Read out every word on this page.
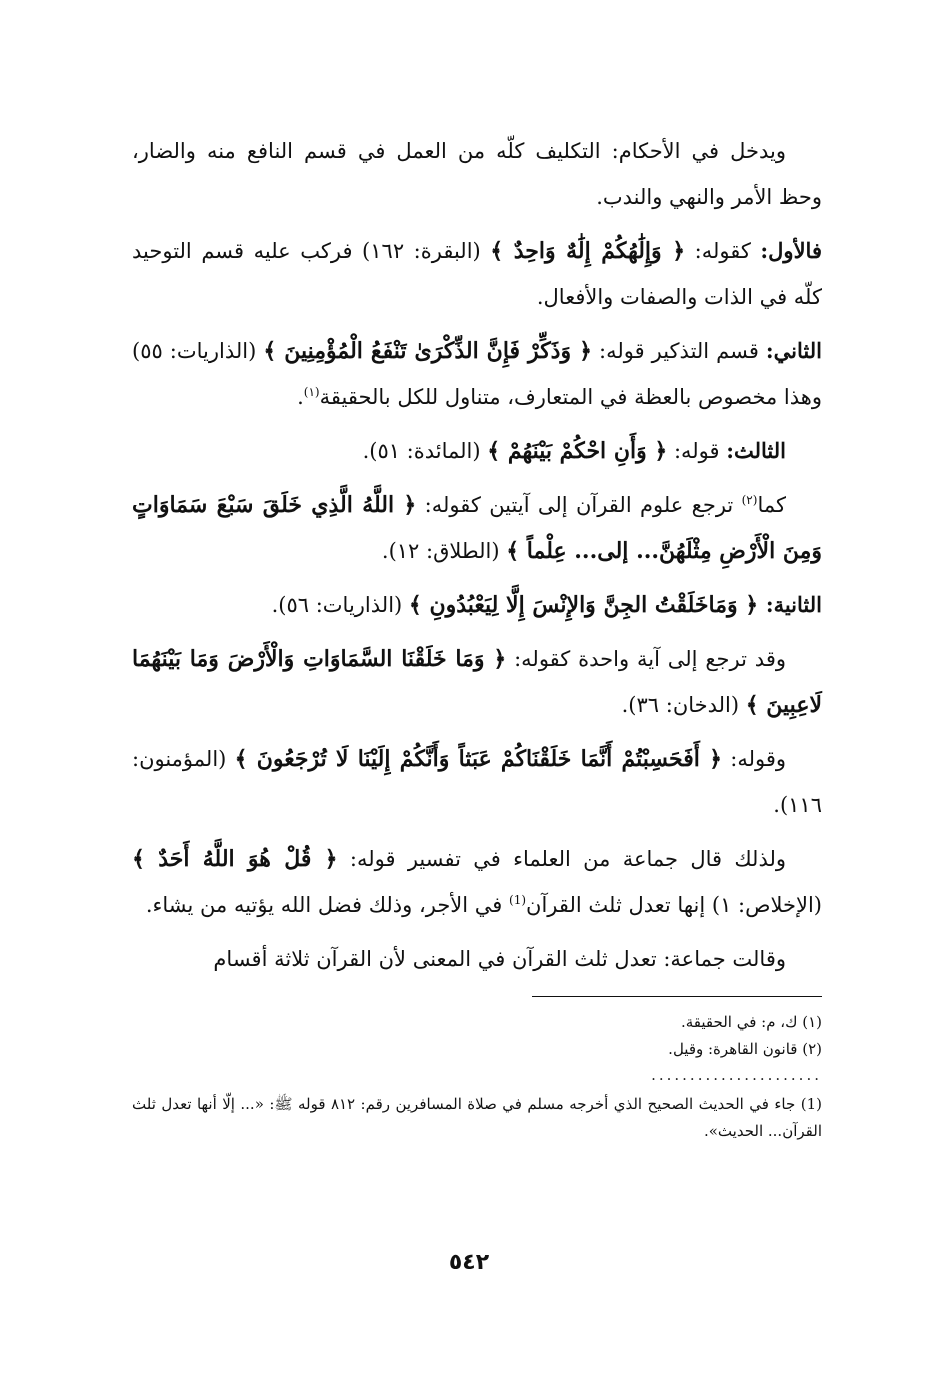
ويدخل في الأحكام: التكليف كلّه من العمل في قسم النافع منه والضار، وحظ الأمر والنهي والندب.

فالأول: كقوله: ﴿ وَإِلَٰهُكُمْ إِلَٰهٌ وَاحِدٌ ﴾ (البقرة: ١٦٢) فركب عليه قسم التوحيد كلّه في الذات والصفات والأفعال.

الثاني: قسم التذكير قوله: ﴿ وَذَكِّرْ فَإِنَّ الذِّكْرَىٰ تَنْفَعُ الْمُؤْمِنِينَ ﴾ (الذاريات: ٥٥) وهذا مخصوص بالعظة في المتعارف، متناول للكل بالحقيقة$^{(١)}$.

الثالث: قوله: ﴿ وَأَنِ احْكُمْ بَيْنَهُمْ ﴾ (المائدة: ٥١).

كما$^{(٢)}$ ترجع علوم القرآن إلى آيتين كقوله: ﴿ اللَّهُ الَّذِي خَلَقَ سَبْعَ سَمَاوَاتٍ وَمِنَ الْأَرْضِ مِثْلَهُنَّ... إلى... عِلْماً ﴾ (الطلاق: ١٢).

الثانية: ﴿ وَمَاخَلَقْتُ الجِنَّ وَالإِنْسَ إِلَّا لِيَعْبُدُونِ ﴾ (الذاريات: ٥٦).

وقد ترجع إلى آية واحدة كقوله: ﴿ وَمَا خَلَقْنَا السَّمَاوَاتِ وَالْأَرْضَ وَمَا بَيْنَهُمَا لَاعِبِينَ ﴾ (الدخان: ٣٦).

وقوله: ﴿ أَفَحَسِبْتُمْ أَنَّمَا خَلَقْنَاكُمْ عَبَثاً وَأَنَّكُمْ إِلَيْنَا لَا تُرْجَعُونَ ﴾ (المؤمنون: ١١٦).

ولذلك قال جماعة من العلماء في تفسير قوله: ﴿ قُلْ هُوَ اللَّهُ أَحَدٌ ﴾ (الإخلاص: ١) إنها تعدل ثلث القرآن$^{(1)}$ في الأجر، وذلك فضل الله يؤتيه من يشاء.

وقالت جماعة: تعدل ثلث القرآن في المعنى لأن القرآن ثلاثة أقسام

(١) ك، م: في الحقيقة.

(٢) قانون القاهرة: وقيل.

......................

(1) جاء في الحديث الصحيح الذي أخرجه مسلم في صلاة المسافرين رقم: ٨١٢ قوله ﷺ: «... إلّا أنها تعدل ثلث القرآن... الحديث».

٥٤٢
